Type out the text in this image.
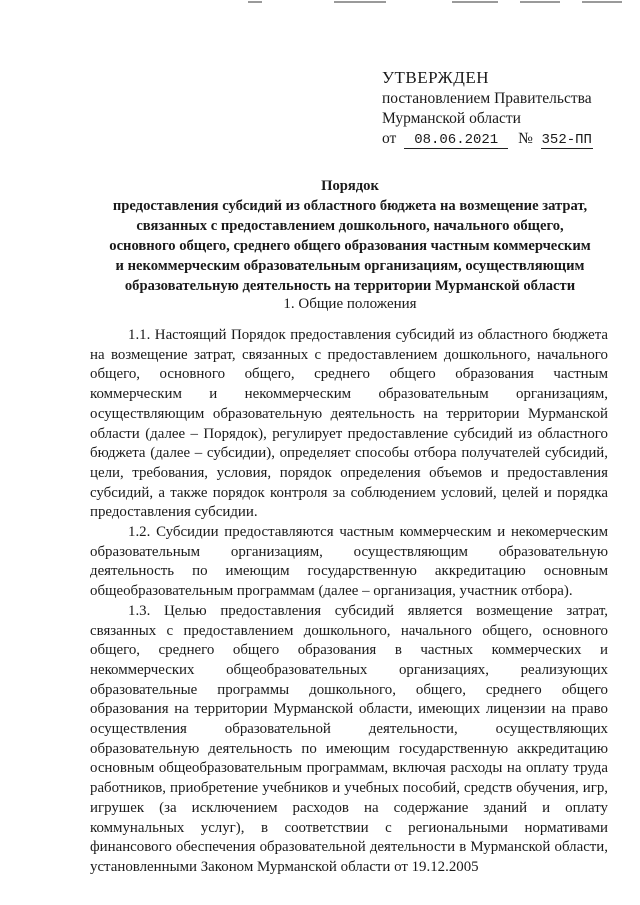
УТВЕРЖДЕН
постановлением Правительства
Мурманской области
от 08.06.2021 № 352-ПП
Порядок
предоставления субсидий из областного бюджета на возмещение затрат,
связанных с предоставлением дошкольного, начального общего,
основного общего, среднего общего образования частным коммерческим
и некоммерческим образовательным организациям, осуществляющим
образовательную деятельность на территории Мурманской области
1. Общие положения

1.1. Настоящий Порядок предоставления субсидий из областного бюджета на возмещение затрат, связанных с предоставлением дошкольного, начального общего, основного общего, среднего общего образования частным коммерческим и некоммерческим образовательным организациям, осуществляющим образовательную деятельность на территории Мурманской области (далее – Порядок), регулирует предоставление субсидий из областного бюджета (далее – субсидии), определяет способы отбора получателей субсидий, цели, требования, условия, порядок определения объемов и предоставления субсидий, а также порядок контроля за соблюдением условий, целей и порядка предоставления субсидии.

1.2. Субсидии предоставляются частным коммерческим и некомерческим образовательным организациям, осуществляющим образовательную деятельность по имеющим государственную аккредитацию основным общеобразовательным программам (далее – организация, участник отбора).

1.3. Целью предоставления субсидий является возмещение затрат, связанных с предоставлением дошкольного, начального общего, основного общего, среднего общего образования в частных коммерческих и некоммерческих общеобразовательных организациях, реализующих образовательные программы дошкольного, общего, среднего общего образования на территории Мурманской области, имеющих лицензии на право осуществления образовательной деятельности, осуществляющих образовательную деятельность по имеющим государственную аккредитацию основным общеобразовательным программам, включая расходы на оплату труда работников, приобретение учебников и учебных пособий, средств обучения, игр, игрушек (за исключением расходов на содержание зданий и оплату коммунальных услуг), в соответствии с региональными нормативами финансового обеспечения образовательной деятельности в Мурманской области, установленными Законом Мурманской области от 19.12.2005
